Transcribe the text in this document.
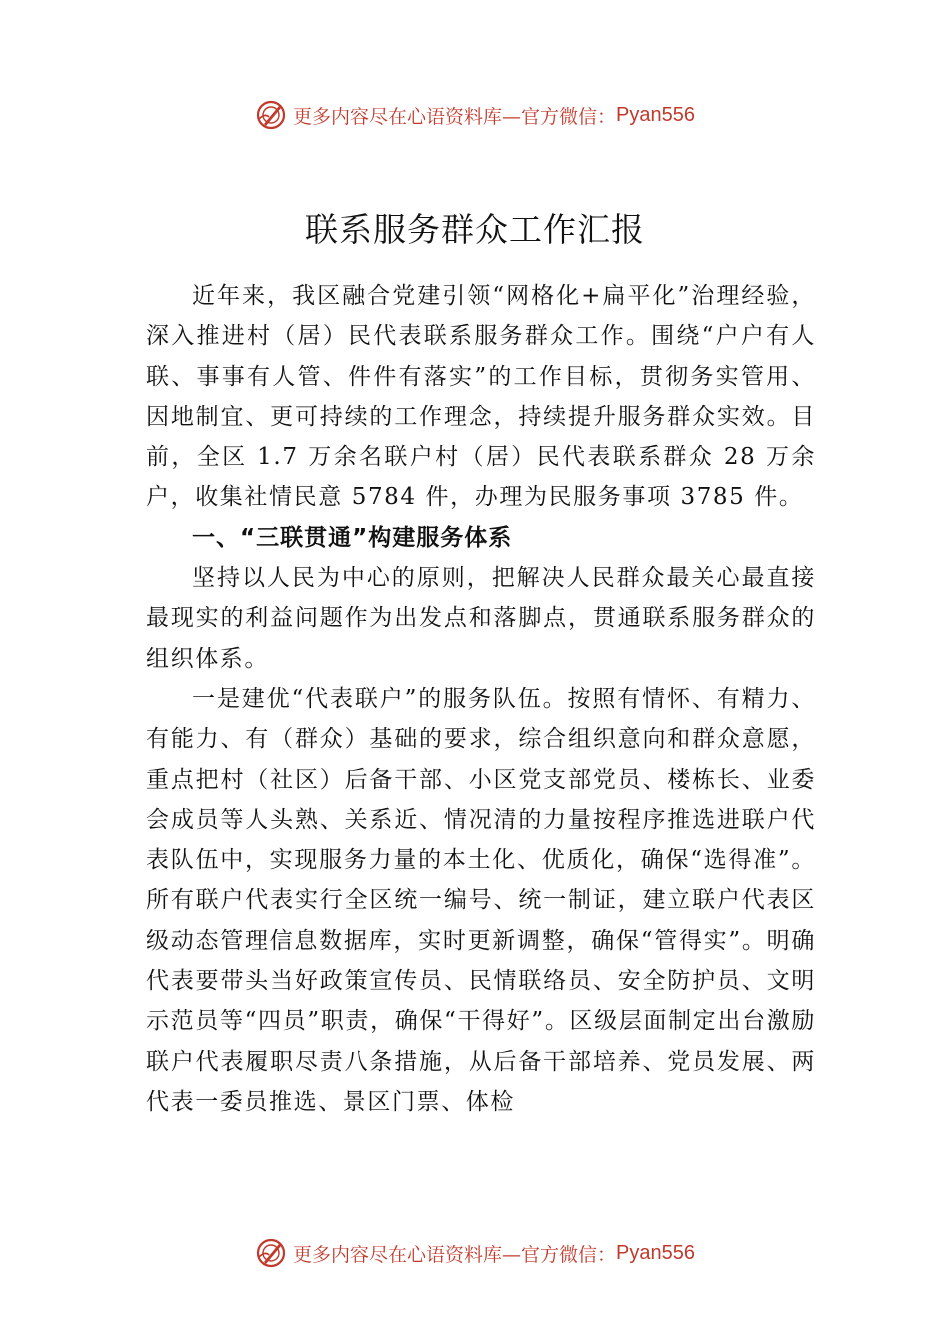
更多内容尽在心语资料库—官方微信： Pyan556
联系服务群众工作汇报

近年来，我区融合党建引领“网格化+扁平化”治理经验，深入推进村（居）民代表联系服务群众工作。围绕“户户有人联、事事有人管、件件有落实”的工作目标，贯彻务实管用、因地制宜、更可持续的工作理念，持续提升服务群众实效。目前，全区 1.7 万余名联户村（居）民代表联系群众 28 万余户，收集社情民意 5784 件，办理为民服务事项 3785 件。

一、“三联贯通”构建服务体系

坚持以人民为中心的原则，把解决人民群众最关心最直接最现实的利益问题作为出发点和落脚点，贯通联系服务群众的组织体系。

一是建优“代表联户”的服务队伍。按照有情怀、有精力、有能力、有（群众）基础的要求，综合组织意向和群众意愿，重点把村（社区）后备干部、小区党支部党员、楼栋长、业委会成员等人头熟、关系近、情况清的力量按程序推选进联户代表队伍中，实现服务力量的本土化、优质化，确保“选得准”。所有联户代表实行全区统一编号、统一制证，建立联户代表区级动态管理信息数据库，实时更新调整，确保“管得实”。明确代表要带头当好政策宣传员、民情联络员、安全防护员、文明示范员等“四员”职责，确保“干得好”。区级层面制定出台激励联户代表履职尽责八条措施，从后备干部培养、党员发展、两代表一委员推选、景区门票、体检

更多内容尽在心语资料库—官方微信： Pyan556
